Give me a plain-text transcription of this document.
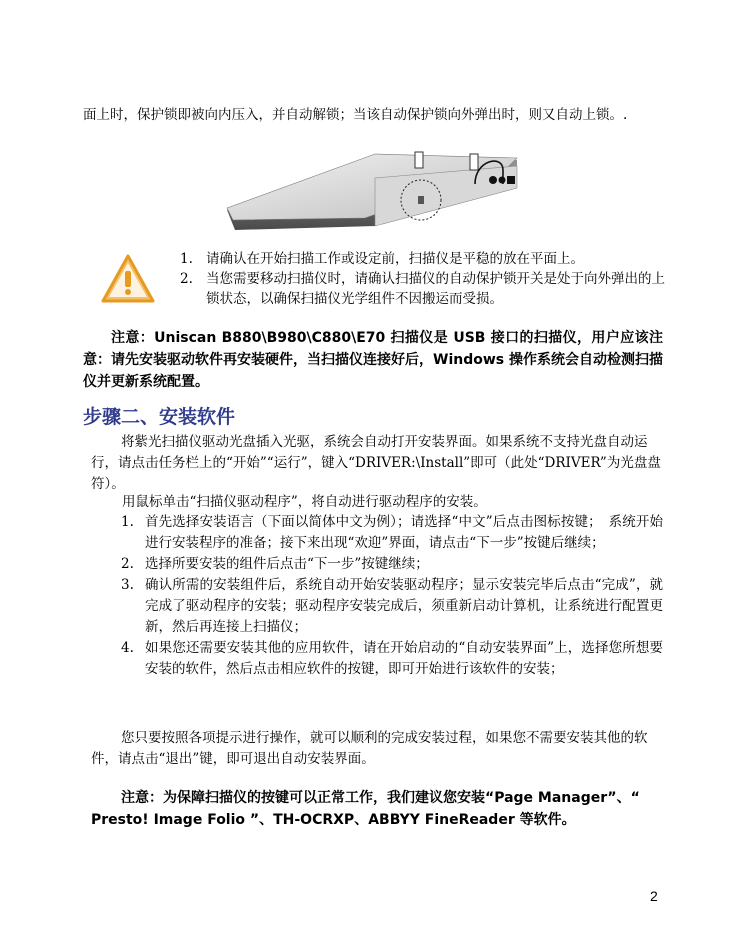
面上时，保护锁即被向内压入，并自动解锁；当该自动保护锁向外弹出时，则又自动上锁。.

1. 请确认在开始扫描工作或设定前，扫描仪是平稳的放在平面上。
2. 当您需要移动扫描仪时，请确认扫描仪的自动保护锁开关是处于向外弹出的上锁状态，以确保扫描仪光学组件不因搬运而受损。

注意：Uniscan B880\B980\C880\E70 扫描仪是 USB 接口的扫描仪，用户应该注意：请先安装驱动软件再安装硬件，当扫描仪连接好后，Windows 操作系统会自动检测扫描仪并更新系统配置。

步骤二、安装软件

将紫光扫描仪驱动光盘插入光驱，系统会自动打开安装界面。如果系统不支持光盘自动运行，请点击任务栏上的“开始”“运行”，键入“DRIVER:\Install”即可（此处“DRIVER”为光盘盘符）。

用鼠标单击“扫描仪驱动程序”，将自动进行驱动程序的安装。

1. 首先选择安装语言（下面以简体中文为例）；请选择“中文”后点击图标按键；　系统开始进行安装程序的准备；接下来出现“欢迎”界面，请点击“下一步”按键后继续；
2. 选择所要安装的组件后点击“下一步”按键继续；
3. 确认所需的安装组件后，系统自动开始安装驱动程序；显示安装完毕后点击“完成”，就完成了驱动程序的安装；驱动程序安装完成后，须重新启动计算机，让系统进行配置更新，然后再连接上扫描仪；
4. 如果您还需要安装其他的应用软件，请在开始启动的“自动安装界面”上，选择您所想要安装的软件，然后点击相应软件的按键，即可开始进行该软件的安装；

您只要按照各项提示进行操作，就可以顺利的完成安装过程，如果您不需要安装其他的软件，请点击“退出”键，即可退出自动安装界面。

注意：为保障扫描仪的按键可以正常工作，我们建议您安装“Page Manager”、“ Presto! Image Folio ”、TH-OCRXP、ABBYY FineReader 等软件。

2
